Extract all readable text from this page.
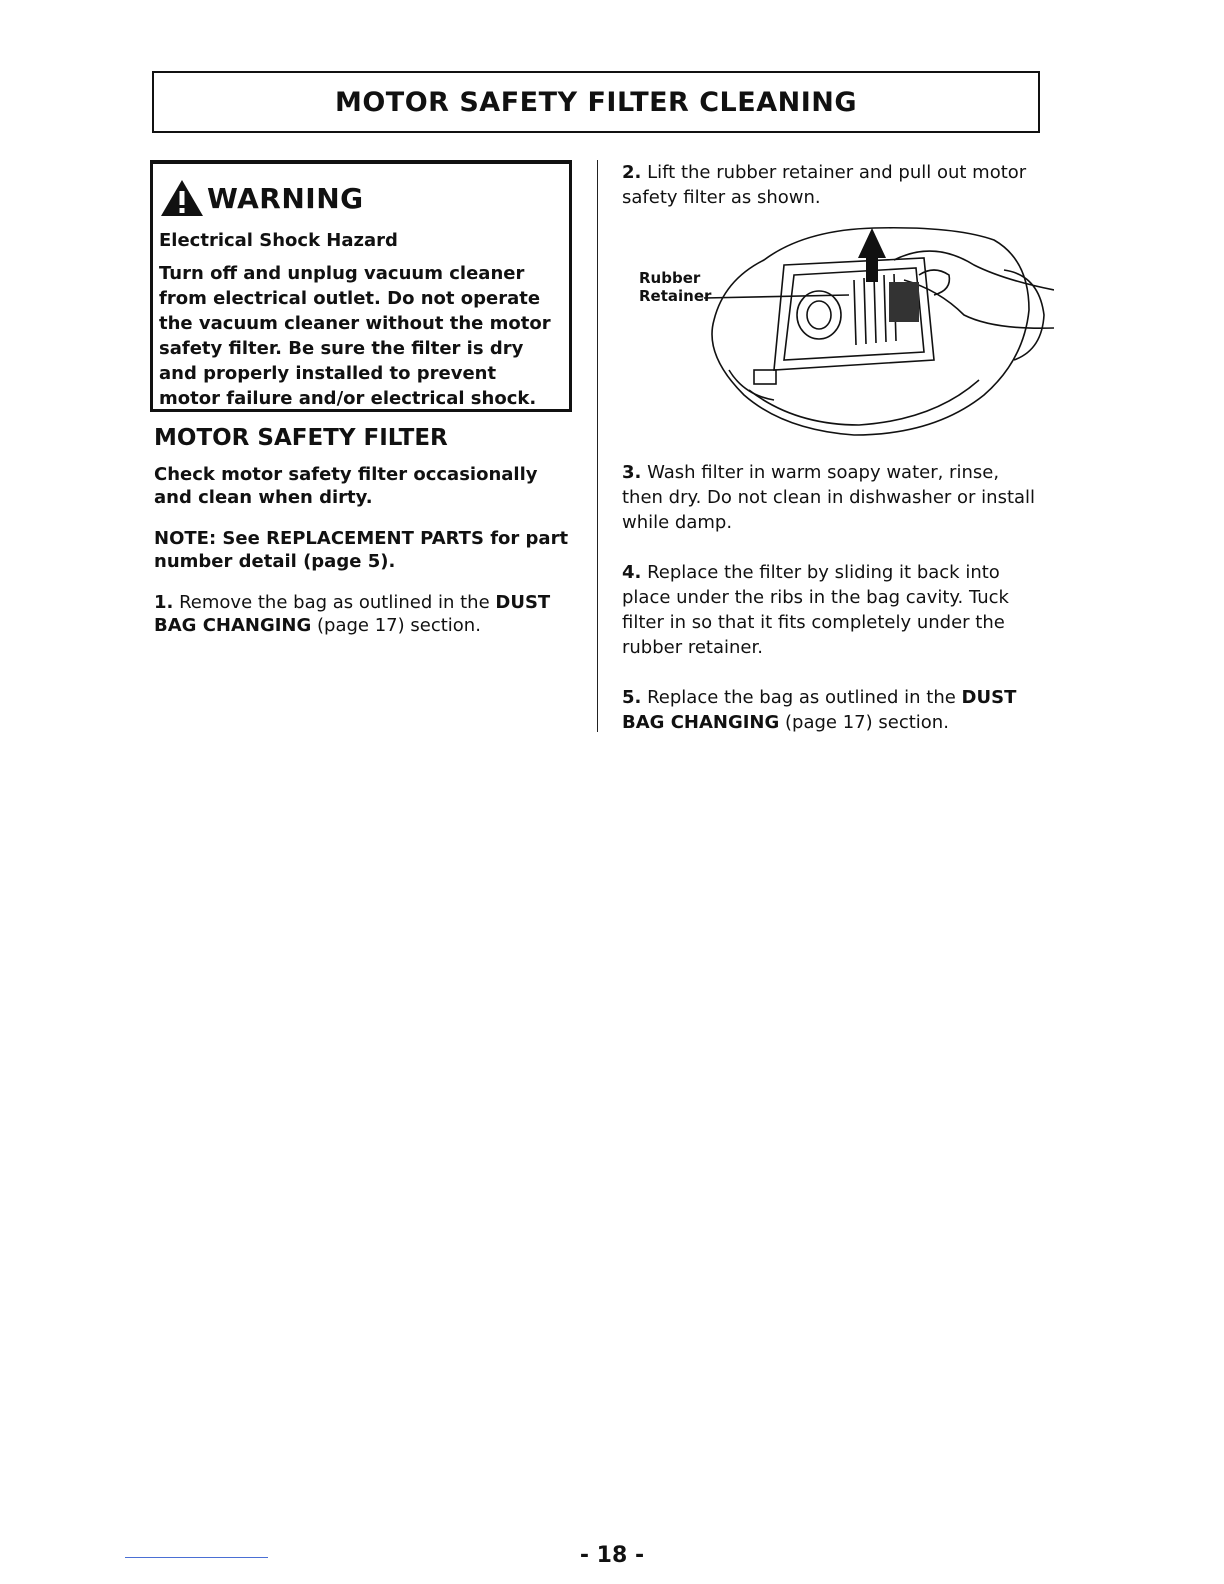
MOTOR SAFETY FILTER CLEANING
WARNING

Electrical Shock Hazard

Turn off and unplug vacuum cleaner from electrical outlet. Do not operate the vacuum cleaner without the motor safety filter. Be sure the filter is dry and properly installed to prevent motor failure and/or electrical shock.

MOTOR SAFETY FILTER

Check motor safety filter occasionally and clean when dirty.

NOTE: See REPLACEMENT PARTS for part number detail (page 5).

1. Remove the bag as outlined in the DUST BAG CHANGING (page 17) section.

2. Lift the rubber retainer and pull out motor safety filter as shown.

Rubber
Retainer

3. Wash filter in warm soapy water, rinse, then dry. Do not clean in dishwasher or install while damp.

4. Replace the filter by sliding it back into place under the ribs in the bag cavity. Tuck filter in so that it fits completely under the rubber retainer.

5. Replace the bag as outlined in the DUST BAG CHANGING (page 17) section.

- 18 -
